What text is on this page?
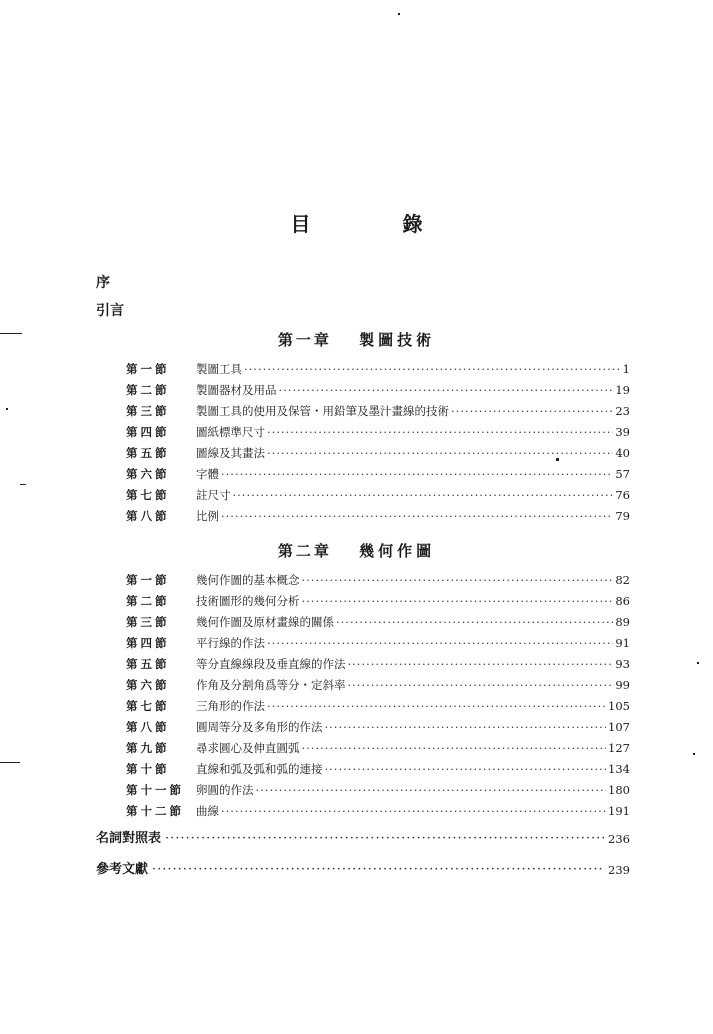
目　錄
序
引言
第一章 製圖技術
第一節	製圖工具 ·····	1
第二節	製圖器材及用品 ·····	19
第三節	製圖工具的使用及保管・用鉛筆及墨汁畫線的技術 ·····	23
第四節	圖紙標準尺寸 ·····	39
第五節	圖線及其畫法 ·····	40
第六節	字體 ·····	57
第七節	註尺寸 ·····	76
第八節	比例 ·····	79
第二章 幾何作圖
第一節	幾何作圖的基本概念 ·····	82
第二節	技術圖形的幾何分析 ·····	86
第三節	幾何作圖及原材畫線的關係 ·····	89
第四節	平行線的作法 ·····	91
第五節	等分直線線段及垂直線的作法 ·····	93
第六節	作角及分割角爲等分・定斜率 ·····	99
第七節	三角形的作法 ·····	105
第八節	圓周等分及多角形的作法 ·····	107
第九節	尋求圓心及伸直圓弧 ·····	127
第十節	直線和弧及弧和弧的連接 ·····	134
第十一節	卵圓的作法 ·····	180
第十二節	曲線 ·····	191
名詞對照表 ·····	236
參考文獻 ·····	239
